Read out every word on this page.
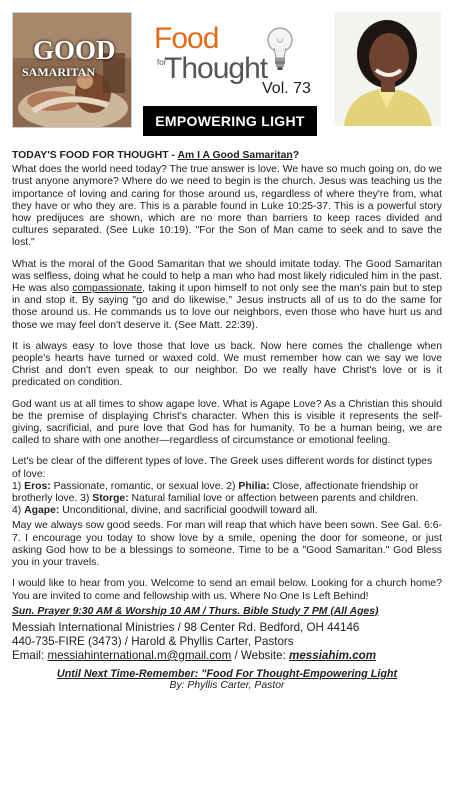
GOOD
SAMARITAN
Food
for
Thought
Vol. 73
EMPOWERING LIGHT
TODAY'S FOOD FOR THOUGHT - Am I A Good Samaritan?

What does the world need today? The true answer is love. We have so much going on, do we trust anyone anymore? Where do we need to begin is the church. Jesus was teaching us the importance of loving and caring for those around us, regardless of where they're from, what they have or who they are. This is a parable found in Luke 10:25-37. This is a powerful story how predijuces are shown, which are no more than barriers to keep races divided and cultures separated. (See Luke 10:19). "For the Son of Man came to seek and to save the lost."

What is the moral of the Good Samaritan that we should imitate today. The Good Samaritan was selfless, doing what he could to help a man who had most likely ridiculed him in the past. He was also compassionate, taking it upon himself to not only see the man's pain but to step in and stop it. By saying "go and do likewise," Jesus instructs all of us to do the same for those around us. He commands us to love our neighbors, even those who have hurt us and those we may feel don't deserve it. (See Matt. 22:39).

It is always easy to love those that love us back. Now here comes the challenge when people's hearts have turned or waxed cold. We must remember how can we say we love Christ and don't even speak to our neighbor. Do we really have Christ's love or is it predicated on condition.

God want us at all times to show agape love. What is Agape Love? As a Christian this should be the premise of displaying Christ's character. When this is visible it represents the self-giving, sacrificial, and pure love that God has for humanity. To be a human being, we are called to share with one another—regardless of circumstance or emotional feeling.

Let's be clear of the different types of love. The Greek uses different words for distinct types of love:
1) Eros: Passionate, romantic, or sexual love. 2) Philia: Close, affectionate friendship or brotherly love. 3) Storge: Natural familial love or affection between parents and children.
4) Agape: Unconditional, divine, and sacrificial goodwill toward all.

May we always sow good seeds. For man will reap that which have been sown. See Gal. 6:6-7. I encourage you today to show love by a smile, opening the door for someone, or just asking God how to be a blessings to someone. Time to be a "Good Samaritan." God Bless you in your travels.

I would like to hear from you. Welcome to send an email below. Looking for a church home? You are invited to come and fellowship with us. Where No One Is Left Behind!

Sun. Prayer 9:30 AM & Worship 10 AM / Thurs. Bible Study 7 PM (All Ages)
Messiah International Ministries / 98 Center Rd. Bedford, OH 44146
440-735-FIRE (3473) / Harold & Phyllis Carter, Pastors
Email: messiahinternational.m@gmail.com / Website: messiahim.com
Until Next Time-Remember: "Food For Thought-Empowering Light
By: Phyllis Carter, Pastor
